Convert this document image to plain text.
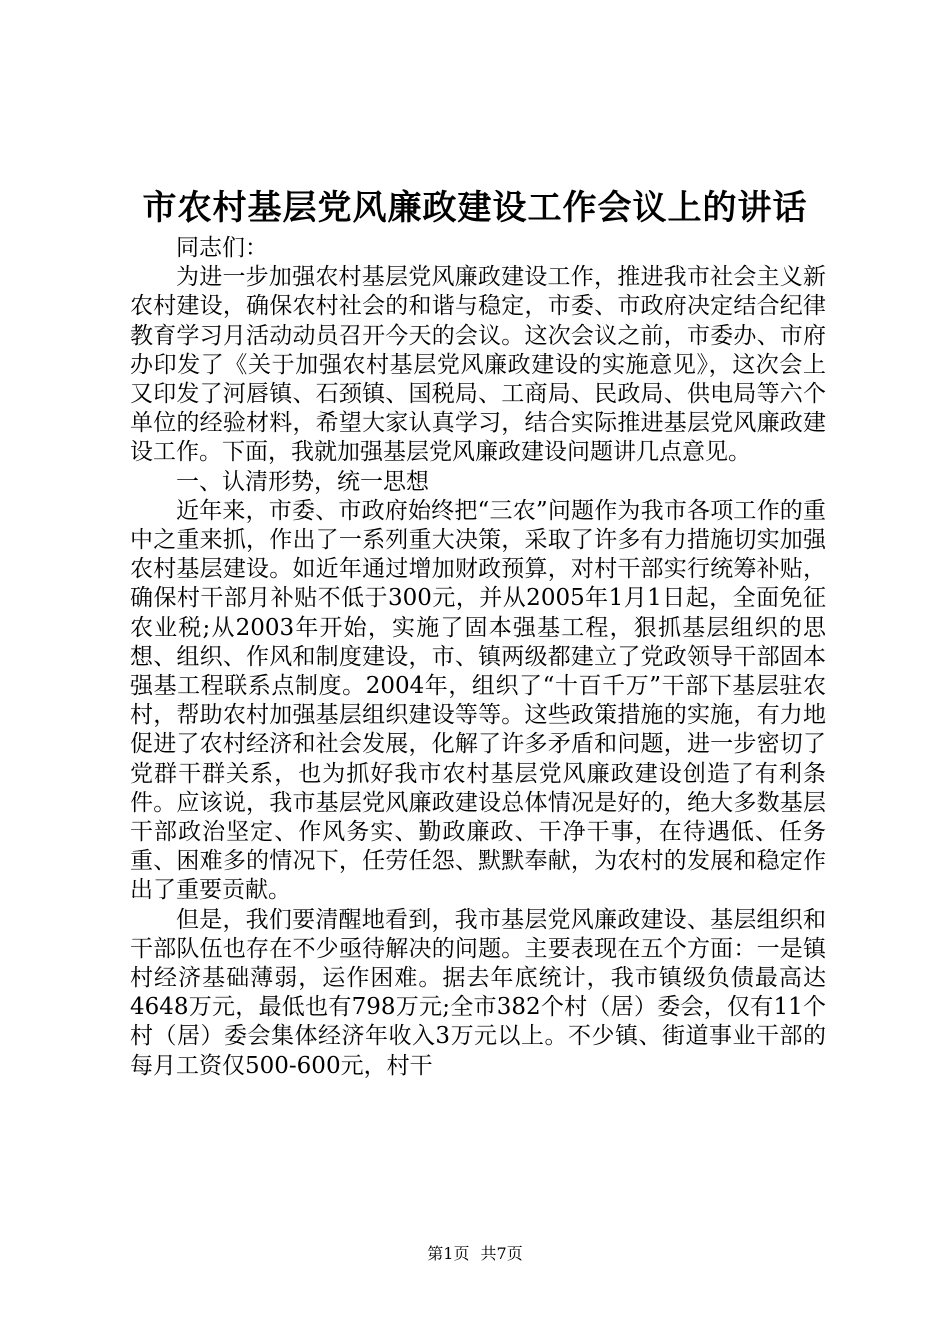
市农村基层党风廉政建设工作会议上的讲话

同志们：

为进一步加强农村基层党风廉政建设工作，推进我市社会主义新农村建设，确保农村社会的和谐与稳定，市委、市政府决定结合纪律教育学习月活动动员召开今天的会议。这次会议之前，市委办、市府办印发了《关于加强农村基层党风廉政建设的实施意见》，这次会上又印发了河唇镇、石颈镇、国税局、工商局、民政局、供电局等六个单位的经验材料，希望大家认真学习，结合实际推进基层党风廉政建设工作。下面，我就加强基层党风廉政建设问题讲几点意见。

一、认清形势，统一思想

近年来，市委、市政府始终把“三农”问题作为我市各项工作的重中之重来抓，作出了一系列重大决策，采取了许多有力措施切实加强农村基层建设。如近年通过增加财政预算，对村干部实行统筹补贴，确保村干部月补贴不低于300元，并从2005年1月1日起，全面免征农业税;从2003年开始，实施了固本强基工程，狠抓基层组织的思想、组织、作风和制度建设，市、镇两级都建立了党政领导干部固本强基工程联系点制度。2004年，组织了“十百千万”干部下基层驻农村，帮助农村加强基层组织建设等等。这些政策措施的实施，有力地促进了农村经济和社会发展，化解了许多矛盾和问题，进一步密切了党群干群关系，也为抓好我市农村基层党风廉政建设创造了有利条件。应该说，我市基层党风廉政建设总体情况是好的，绝大多数基层干部政治坚定、作风务实、勤政廉政、干净干事，在待遇低、任务重、困难多的情况下，任劳任怨、默默奉献，为农村的发展和稳定作出了重要贡献。

但是，我们要清醒地看到，我市基层党风廉政建设、基层组织和干部队伍也存在不少亟待解决的问题。主要表现在五个方面：一是镇村经济基础薄弱，运作困难。据去年底统计，我市镇级负债最高达4648万元，最低也有798万元;全市382个村（居）委会，仅有11个村（居）委会集体经济年收入3万元以上。不少镇、街道事业干部的每月工资仅500-600元，村干

第1页 共7页
